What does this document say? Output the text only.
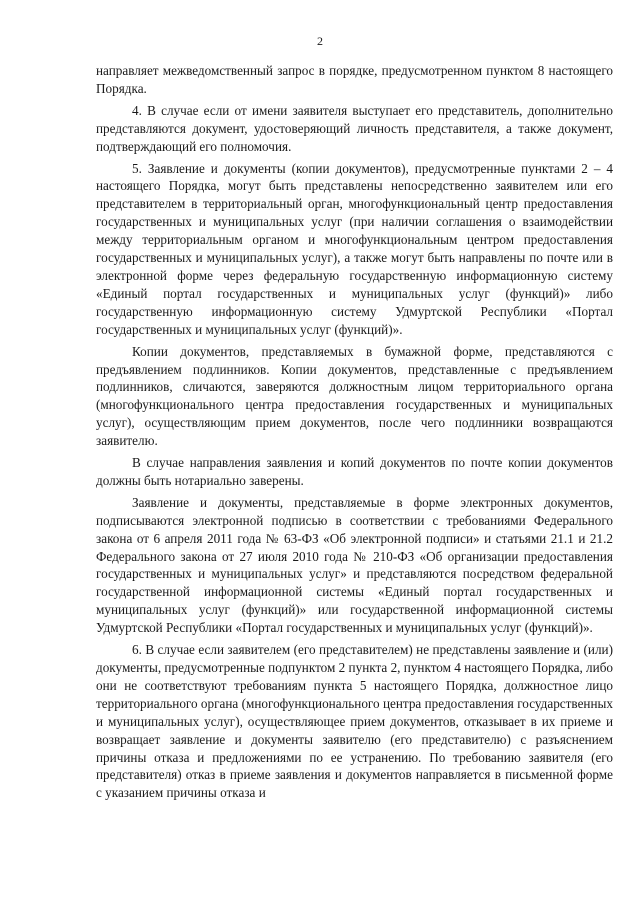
2

направляет межведомственный запрос в порядке, предусмотренном пунктом 8 настоящего Порядка.

4. В случае если от имени заявителя выступает его представитель, дополнительно представляются документ, удостоверяющий личность представителя, а также документ, подтверждающий его полномочия.

5. Заявление и документы (копии документов), предусмотренные пунктами 2 – 4 настоящего Порядка, могут быть представлены непосредственно заявителем или его представителем в территориальный орган, многофункциональный центр предоставления государственных и муниципальных услуг (при наличии соглашения о взаимодействии между территориальным органом и многофункциональным центром предоставления государственных и муниципальных услуг), а также могут быть направлены по почте или в электронной форме через федеральную государственную информационную систему «Единый портал государственных и муниципальных услуг (функций)» либо государственную информационную систему Удмуртской Республики «Портал государственных и муниципальных услуг (функций)».

Копии документов, представляемых в бумажной форме, представляются с предъявлением подлинников. Копии документов, представленные с предъявлением подлинников, сличаются, заверяются должностным лицом территориального органа (многофункционального центра предоставления государственных и муниципальных услуг), осуществляющим прием документов, после чего подлинники возвращаются заявителю.

В случае направления заявления и копий документов по почте копии документов должны быть нотариально заверены.

Заявление и документы, представляемые в форме электронных документов, подписываются электронной подписью в соответствии с требованиями Федерального закона от 6 апреля 2011 года № 63-ФЗ «Об электронной подписи» и статьями 21.1 и 21.2 Федерального закона от 27 июля 2010 года № 210-ФЗ «Об организации предоставления государственных и муниципальных услуг» и представляются посредством федеральной государственной информационной системы «Единый портал государственных и муниципальных услуг (функций)» или государственной информационной системы Удмуртской Республики «Портал государственных и муниципальных услуг (функций)».

6. В случае если заявителем (его представителем) не представлены заявление и (или) документы, предусмотренные подпунктом 2 пункта 2, пунктом 4 настоящего Порядка, либо они не соответствуют требованиям пункта 5 настоящего Порядка, должностное лицо территориального органа (многофункционального центра предоставления государственных и муниципальных услуг), осуществляющее прием документов, отказывает в их приеме и возвращает заявление и документы заявителю (его представителю) с разъяснением причины отказа и предложениями по ее устранению. По требованию заявителя (его представителя) отказ в приеме заявления и документов направляется в письменной форме с указанием причины отказа и
